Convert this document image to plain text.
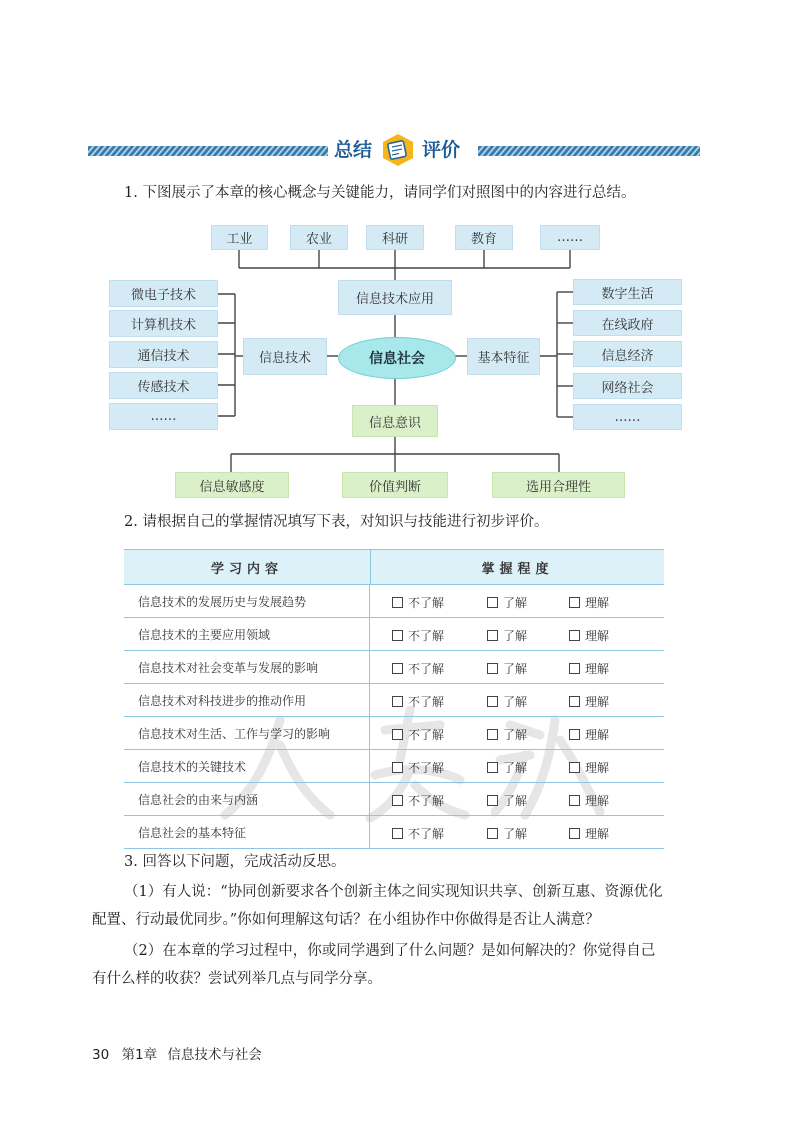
总结	评价
1. 下图展示了本章的核心概念与关键能力，请同学们对照图中的内容进行总结。
工业	农业	科研	教育	……
信息技术应用
微电子技术
计算机技术
通信技术
传感技术
……
信息技术	信息社会	基本特征
数字生活
在线政府
信息经济
网络社会
……
信息意识
信息敏感度	价值判断	选用合理性
2. 请根据自己的掌握情况填写下表，对知识与技能进行初步评价。
学习内容	掌握程度
信息技术的发展历史与发展趋势	不了解	了解	理解
信息技术的主要应用领域	不了解	了解	理解
信息技术对社会变革与发展的影响	不了解	了解	理解
信息技术对科技进步的推动作用	不了解	了解	理解
信息技术对生活、工作与学习的影响	不了解	了解	理解
信息技术的关键技术	不了解	了解	理解
信息社会的由来与内涵	不了解	了解	理解
信息社会的基本特征	不了解	了解	理解
3. 回答以下问题，完成活动反思。
（1）有人说：“协同创新要求各个创新主体之间实现知识共享、创新互惠、资源优化
配置、行动最优同步。”你如何理解这句话？在小组协作中你做得是否让人满意？
（2）在本章的学习过程中，你或同学遇到了什么问题？是如何解决的？你觉得自己
有什么样的收获？尝试列举几点与同学分享。
30 第1章 信息技术与社会
